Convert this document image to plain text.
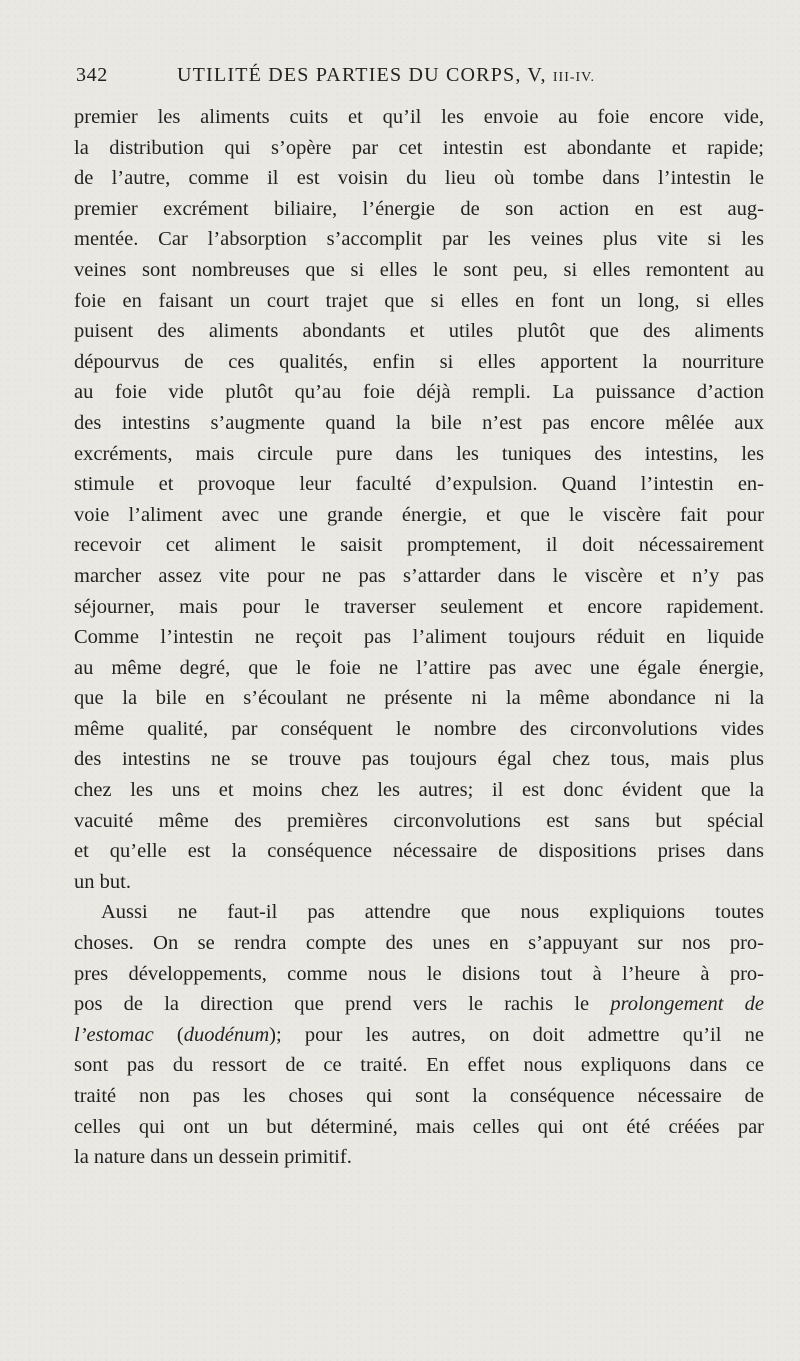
342	UTILITÉ DES PARTIES DU CORPS, V, III-IV.
premier les aliments cuits et qu’il les envoie au foie encore vide,
la distribution qui s’opère par cet intestin est abondante et rapide;
de l’autre, comme il est voisin du lieu où tombe dans l’intestin le
premier excrément biliaire, l’énergie de son action en est aug-
mentée. Car l’absorption s’accomplit par les veines plus vite si les
veines sont nombreuses que si elles le sont peu, si elles remontent au
foie en faisant un court trajet que si elles en font un long, si elles
puisent des aliments abondants et utiles plutôt que des aliments
dépourvus de ces qualités, enfin si elles apportent la nourriture
au foie vide plutôt qu’au foie déjà rempli. La puissance d’action
des intestins s’augmente quand la bile n’est pas encore mêlée aux
excréments, mais circule pure dans les tuniques des intestins, les
stimule et provoque leur faculté d’expulsion. Quand l’intestin en-
voie l’aliment avec une grande énergie, et que le viscère fait pour
recevoir cet aliment le saisit promptement, il doit nécessairement
marcher assez vite pour ne pas s’attarder dans le viscère et n’y pas
séjourner, mais pour le traverser seulement et encore rapidement.
Comme l’intestin ne reçoit pas l’aliment toujours réduit en liquide
au même degré, que le foie ne l’attire pas avec une égale énergie,
que la bile en s’écoulant ne présente ni la même abondance ni la
même qualité, par conséquent le nombre des circonvolutions vides
des intestins ne se trouve pas toujours égal chez tous, mais plus
chez les uns et moins chez les autres; il est donc évident que la
vacuité même des premières circonvolutions est sans but spécial
et qu’elle est la conséquence nécessaire de dispositions prises dans
un but.
Aussi ne faut-il pas attendre que nous expliquions toutes
choses. On se rendra compte des unes en s’appuyant sur nos pro-
pres développements, comme nous le disions tout à l’heure à pro-
pos de la direction que prend vers le rachis le prolongement de
l’estomac (duodénum); pour les autres, on doit admettre qu’il ne
sont pas du ressort de ce traité. En effet nous expliquons dans ce
traité non pas les choses qui sont la conséquence nécessaire de
celles qui ont un but déterminé, mais celles qui ont été créées par
la nature dans un dessein primitif.
